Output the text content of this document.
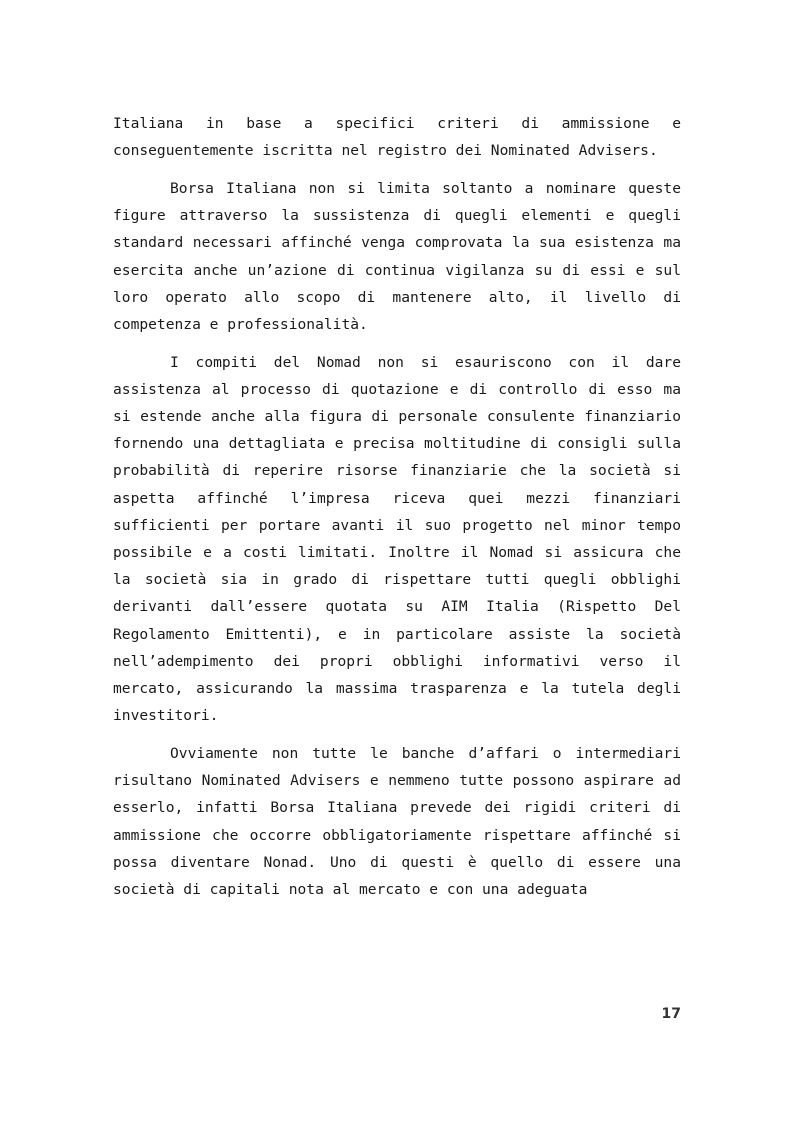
Italiana in base a specifici criteri di ammissione e conseguentemente iscritta nel registro dei Nominated Advisers.

Borsa Italiana non si limita soltanto a nominare queste figure attraverso la sussistenza di quegli elementi e quegli standard necessari affinché venga comprovata la sua esistenza ma esercita anche un’azione di continua vigilanza su di essi e sul loro operato allo scopo di mantenere alto, il livello di competenza e professionalità.

I compiti del Nomad non si esauriscono con il dare assistenza al processo di quotazione e di controllo di esso ma si estende anche alla figura di personale consulente finanziario fornendo una dettagliata e precisa moltitudine di consigli sulla probabilità di reperire risorse finanziarie che la società si aspetta affinché l’impresa riceva quei mezzi finanziari sufficienti per portare avanti il suo progetto nel minor tempo possibile e a costi limitati. Inoltre il Nomad si assicura che la società sia in grado di rispettare tutti quegli obblighi derivanti dall’essere quotata su AIM Italia (Rispetto Del Regolamento Emittenti), e in particolare assiste la società nell’adempimento dei propri obblighi informativi verso il mercato, assicurando la massima trasparenza e la tutela degli investitori.

Ovviamente non tutte le banche d’affari o intermediari risultano Nominated Advisers e nemmeno tutte possono aspirare ad esserlo, infatti Borsa Italiana prevede dei rigidi criteri di ammissione che occorre obbligatoriamente rispettare affinché si possa diventare Nonad. Uno di questi è quello di essere una società di capitali nota al mercato e con una adeguata

17
